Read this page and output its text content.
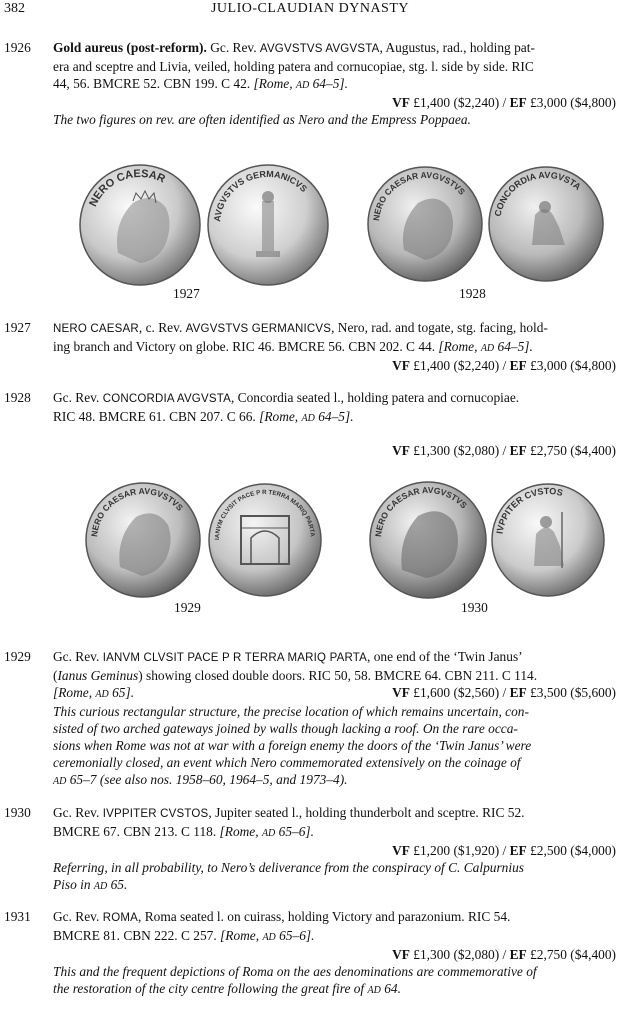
382	JULIO-CLAUDIAN DYNASTY
1926 Gold aureus (post-reform). Gc. Rev. AVGVSTVS AVGVSTA, Augustus, rad., holding pat-

era and sceptre and Livia, veiled, holding patera and cornucopiae, stg. l. side by side. RIC

44, 56. BMCRE 52. CBN 199. C 42. [Rome, AD 64–5].

VF £1,400 ($2,240) / EF £3,000 ($4,800)

The two figures on rev. are often identified as Nero and the Empress Poppaea.

NERO CAESAR
AVGVSTVS GERMANICVS
NERO CAESAR AVGVSTVS
CONCORDIA AVGVSTA
1927	1928
1927 NERO CAESAR, c. Rev. AVGVSTVS GERMANICVS, Nero, rad. and togate, stg. facing, hold-

ing branch and Victory on globe. RIC 46. BMCRE 56. CBN 202. C 44. [Rome, AD 64–5].

VF £1,400 ($2,240) / EF £3,000 ($4,800)

1928 Gc. Rev. CONCORDIA AVGVSTA, Concordia seated l., holding patera and cornucopiae.

RIC 48. BMCRE 61. CBN 207. C 66. [Rome, AD 64–5].

VF £1,300 ($2,080) / EF £2,750 ($4,400)

NERO CAESAR AVGVSTVS
IANVM CLVSIT PACE P R TERRA MARIQ PARTA	NERO CAESAR AVGVSTVS
IVPPITER CVSTOS
1929	1930
1929 Gc. Rev. IANVM CLVSIT PACE P R TERRA MARIQ PARTA, one end of the ‘Twin Janus’

(Ianus Geminus) showing closed double doors. RIC 50, 58. BMCRE 64. CBN 211. C 114.

[Rome, AD 65].	VF £1,600 ($2,560) / EF £3,500 ($5,600)

This curious rectangular structure, the precise location of which remains uncertain, con-

sisted of two arched gateways joined by walls though lacking a roof. On the rare occa-

sions when Rome was not at war with a foreign enemy the doors of the ‘Twin Janus’ were

ceremonially closed, an event which Nero commemorated extensively on the coinage of

AD 65–7 (see also nos. 1958–60, 1964–5, and 1973–4).

1930 Gc. Rev. IVPPITER CVSTOS, Jupiter seated l., holding thunderbolt and sceptre. RIC 52.

BMCRE 67. CBN 213. C 118. [Rome, AD 65–6].

VF £1,200 ($1,920) / EF £2,500 ($4,000)

Referring, in all probability, to Nero’s deliverance from the conspiracy of C. Calpurnius

Piso in AD 65.

1931 Gc. Rev. ROMA, Roma seated l. on cuirass, holding Victory and parazonium. RIC 54.

BMCRE 81. CBN 222. C 257. [Rome, AD 65–6].

VF £1,300 ($2,080) / EF £2,750 ($4,400)

This and the frequent depictions of Roma on the aes denominations are commemorative of

the restoration of the city centre following the great fire of AD 64.
